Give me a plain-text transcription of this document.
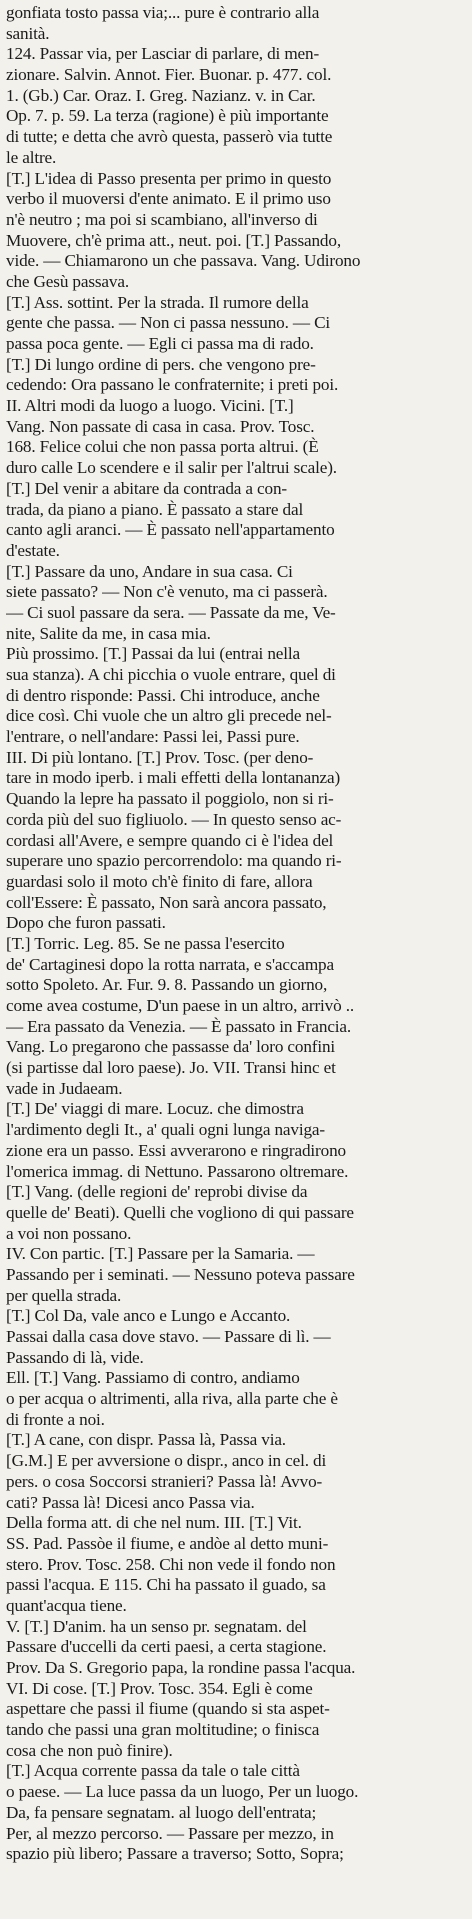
gonfiata tosto passa via;... pure è contrario alla
sanità.
124. Passar via, per Lasciar di parlare, di men-
zionare. Salvin. Annot. Fier. Buonar. p. 477. col.
1. (Gb.) Car. Oraz. I. Greg. Nazianz. v. in Car.
Op. 7. p. 59. La terza (ragione) è più importante
di tutte; e detta che avrò questa, passerò via tutte
le altre.
[T.] L'idea di Passo presenta per primo in questo
verbo il muoversi d'ente animato. E il primo uso
n'è neutro ; ma poi si scambiano, all'inverso di
Muovere, ch'è prima att., neut. poi. [T.] Passando,
vide. — Chiamarono un che passava. Vang. Udirono
che Gesù passava.
[T.] Ass. sottint. Per la strada. Il rumore della
gente che passa. — Non ci passa nessuno. — Ci
passa poca gente. — Egli ci passa ma di rado.
[T.] Di lungo ordine di pers. che vengono pre-
cedendo: Ora passano le confraternite; i preti poi.
II. Altri modi da luogo a luogo. Vicini. [T.]
Vang. Non passate di casa in casa. Prov. Tosc.
168. Felice colui che non passa porta altrui. (È
duro calle Lo scendere e il salir per l'altrui scale).
[T.] Del venir a abitare da contrada a con-
trada, da piano a piano. È passato a stare dal
canto agli aranci. — È passato nell'appartamento
d'estate.
[T.] Passare da uno, Andare in sua casa. Ci
siete passato? — Non c'è venuto, ma ci passerà.
— Ci suol passare da sera. — Passate da me, Ve-
nite, Salite da me, in casa mia.
Più prossimo. [T.] Passai da lui (entrai nella
sua stanza). A chi picchia o vuole entrare, quel di
di dentro risponde: Passi. Chi introduce, anche
dice così. Chi vuole che un altro gli precede nel-
l'entrare, o nell'andare: Passi lei, Passi pure.
III. Di più lontano. [T.] Prov. Tosc. (per deno-
tare in modo iperb. i mali effetti della lontananza)
Quando la lepre ha passato il poggiolo, non si ri-
corda più del suo figliuolo. — In questo senso ac-
cordasi all'Avere, e sempre quando ci è l'idea del
superare uno spazio percorrendolo: ma quando ri-
guardasi solo il moto ch'è finito di fare, allora
coll'Essere: È passato, Non sarà ancora passato,
Dopo che furon passati.
[T.] Torric. Leg. 85. Se ne passa l'esercito
de' Cartaginesi dopo la rotta narrata, e s'accampa
sotto Spoleto. Ar. Fur. 9. 8. Passando un giorno,
come avea costume, D'un paese in un altro, arrivò ..
— Era passato da Venezia. — È passato in Francia.
Vang. Lo pregarono che passasse da' loro confini
(si partisse dal loro paese). Jo. VII. Transi hinc et
vade in Judaeam.
[T.] De' viaggi di mare. Locuz. che dimostra
l'ardimento degli It., a' quali ogni lunga naviga-
zione era un passo. Essi avverarono e ringradirono
l'omerica immag. di Nettuno. Passarono oltremare.
[T.] Vang. (delle regioni de' reprobi divise da
quelle de' Beati). Quelli che vogliono di qui passare
a voi non possano.
IV. Con partic. [T.] Passare per la Samaria. —
Passando per i seminati. — Nessuno poteva passare
per quella strada.
[T.] Col Da, vale anco e Lungo e Accanto.
Passai dalla casa dove stavo. — Passare di lì. —
Passando di là, vide.
Ell. [T.] Vang. Passiamo di contro, andiamo
o per acqua o altrimenti, alla riva, alla parte che è
di fronte a noi.
[T.] A cane, con dispr. Passa là, Passa via.
[G.M.] E per avversione o dispr., anco in cel. di
pers. o cosa Soccorsi stranieri? Passa là! Avvo-
cati? Passa là! Dicesi anco Passa via.
Della forma att. di che nel num. III. [T.] Vit.
SS. Pad. Passòe il fiume, e andòe al detto muni-
stero. Prov. Tosc. 258. Chi non vede il fondo non
passi l'acqua. E 115. Chi ha passato il guado, sa
quant'acqua tiene.
V. [T.] D'anim. ha un senso pr. segnatam. del
Passare d'uccelli da certi paesi, a certa stagione.
Prov. Da S. Gregorio papa, la rondine passa l'acqua.
VI. Di cose. [T.] Prov. Tosc. 354. Egli è come
aspettare che passi il fiume (quando si sta aspet-
tando che passi una gran moltitudine; o finisca
cosa che non può finire).
[T.] Acqua corrente passa da tale o tale città
o paese. — La luce passa da un luogo, Per un luogo.
Da, fa pensare segnatam. al luogo dell'entrata;
Per, al mezzo percorso. — Passare per mezzo, in
spazio più libero; Passare a traverso; Sotto, Sopra;
